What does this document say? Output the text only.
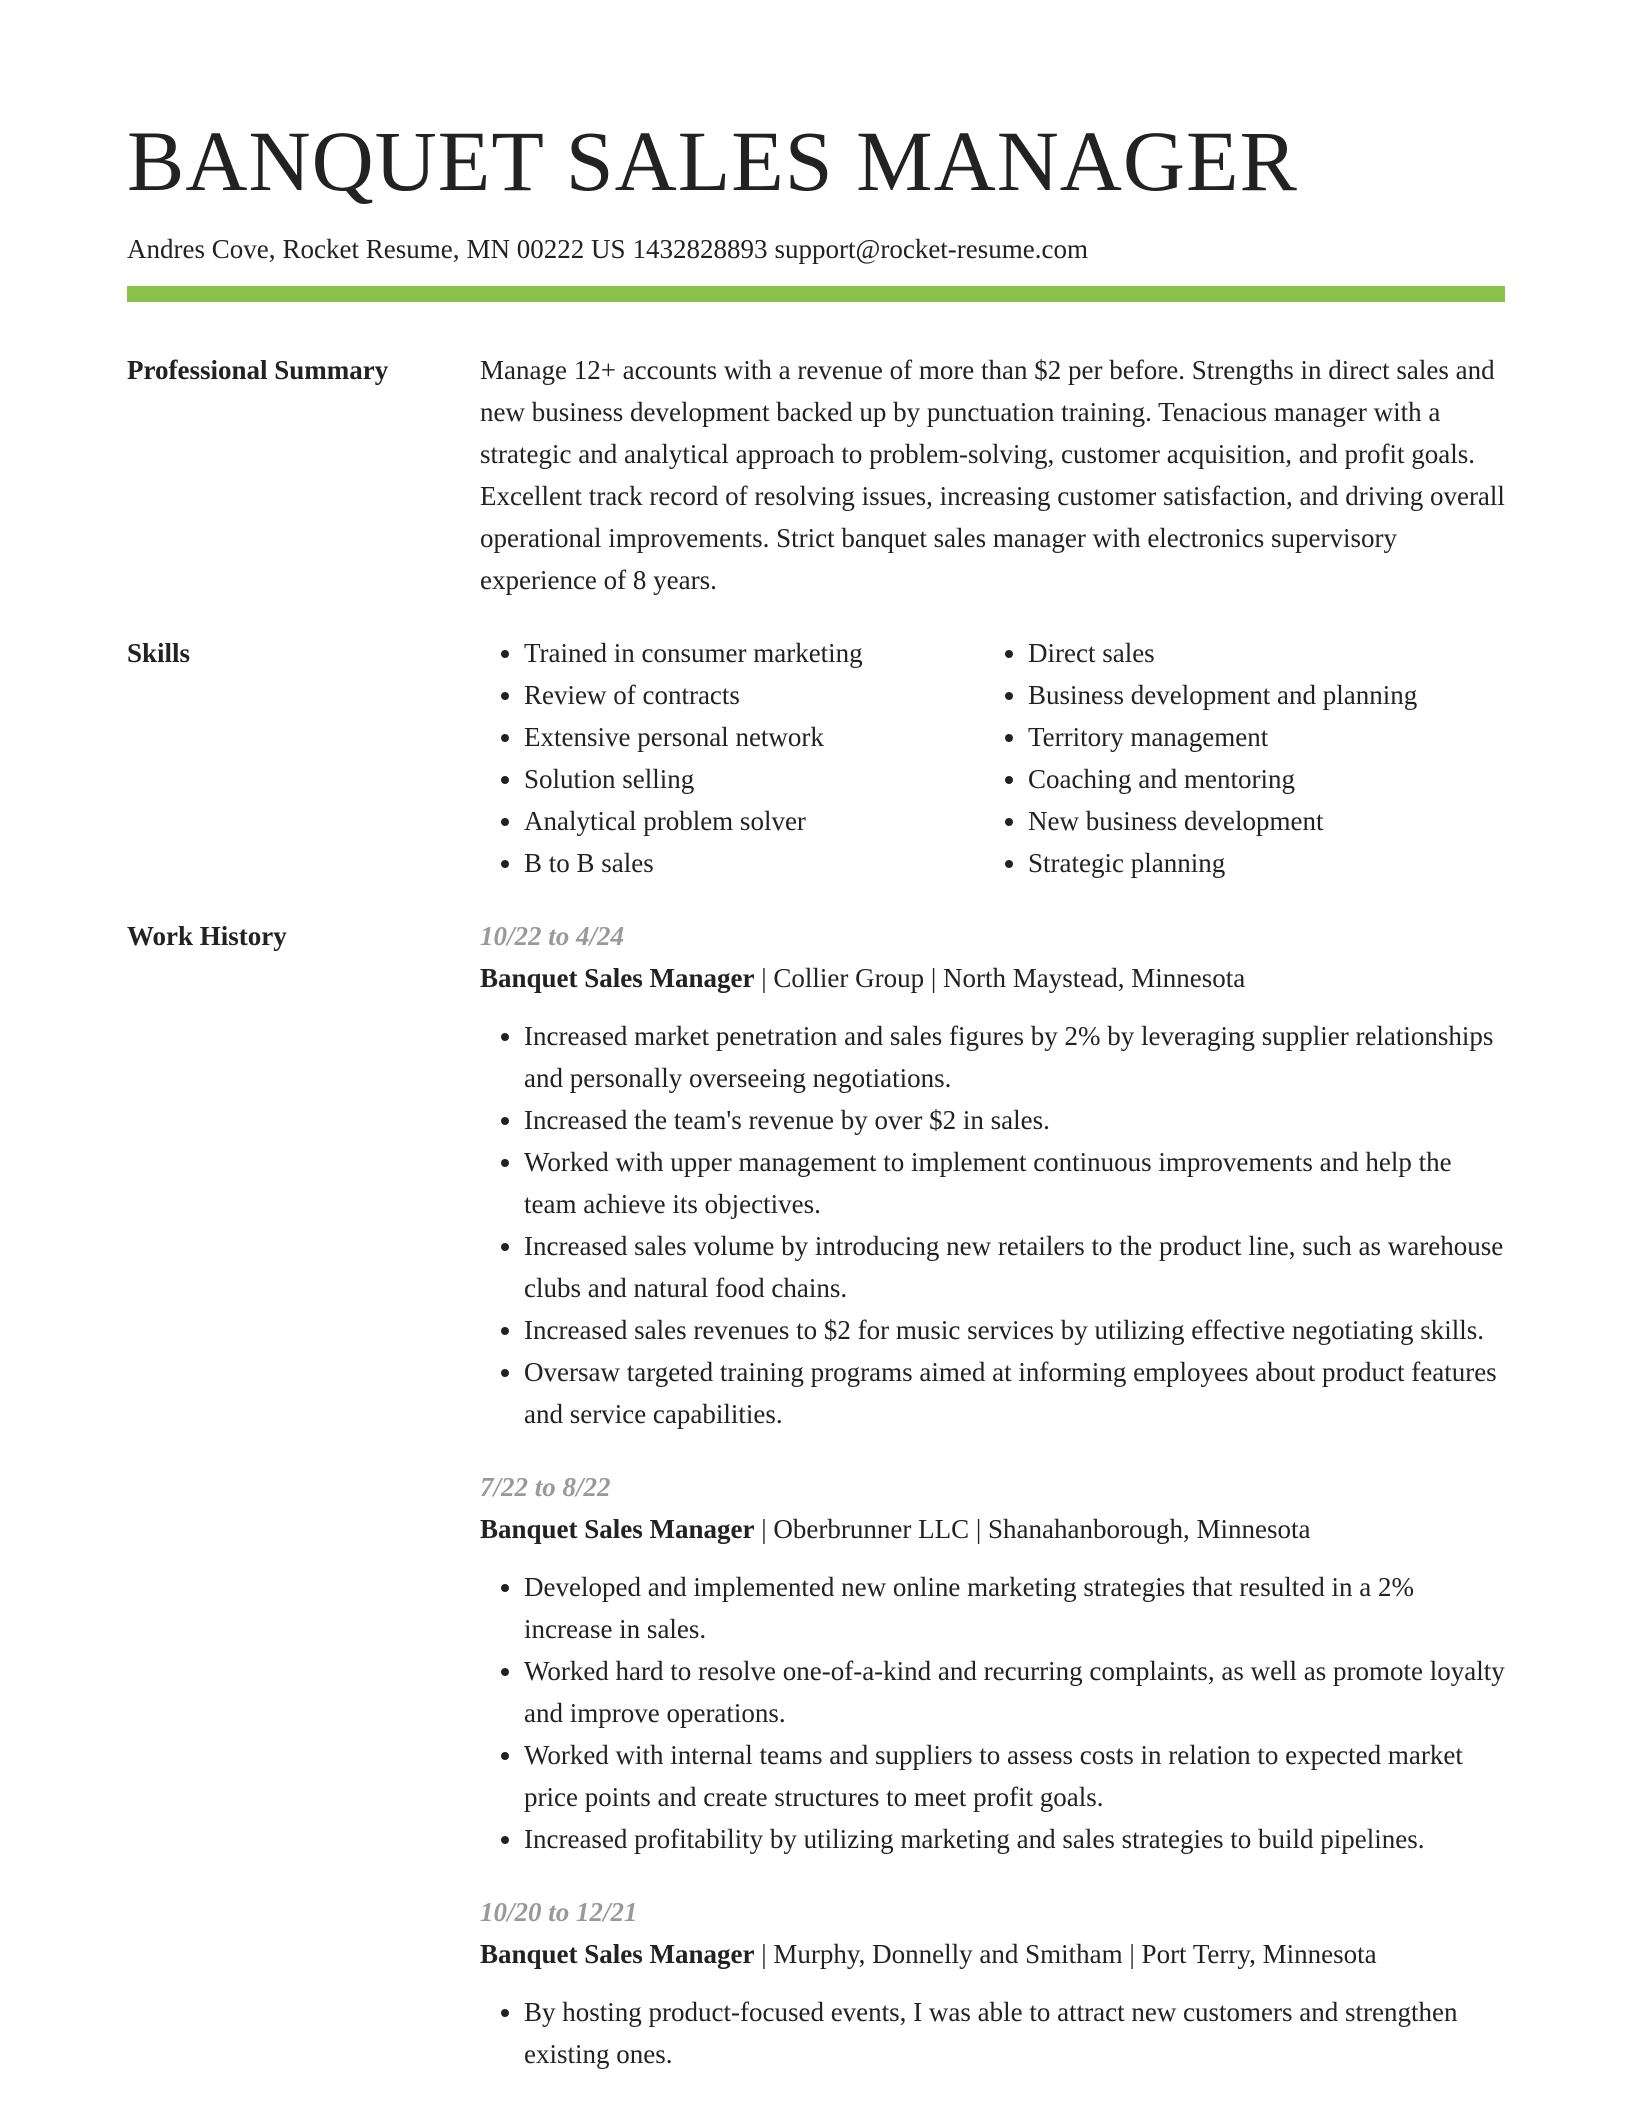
BANQUET SALES MANAGER
Andres Cove, Rocket Resume, MN 00222 US 1432828893 support@rocket-resume.com
Professional Summary	Manage 12+ accounts with a revenue of more than $2 per before. Strengths in direct sales and new business development backed up by punctuation training. Tenacious manager with a strategic and analytical approach to problem-solving, customer acquisition, and profit goals. Excellent track record of resolving issues, increasing customer satisfaction, and driving overall operational improvements. Strict banquet sales manager with electronics supervisory experience of 8 years.

Skills
•	Trained in consumer marketing
• Review of contracts
• Extensive personal network
• Solution selling
• Analytical problem solver
• B to B sales
• Direct sales
• Business development and planning
• Territory management
• Coaching and mentoring
• New business development
• Strategic planning
Work History	10/22 to 4/24
Banquet Sales Manager | Collier Group | North Maystead, Minnesota
• Increased market penetration and sales figures by 2% by leveraging supplier relationships and personally overseeing negotiations.
• Increased the team's revenue by over $2 in sales.
• Worked with upper management to implement continuous improvements and help the team achieve its objectives.
• Increased sales volume by introducing new retailers to the product line, such as warehouse clubs and natural food chains.
• Increased sales revenues to $2 for music services by utilizing effective negotiating skills.
• Oversaw targeted training programs aimed at informing employees about product features and service capabilities.
7/22 to 8/22
Banquet Sales Manager | Oberbrunner LLC | Shanahanborough, Minnesota
• Developed and implemented new online marketing strategies that resulted in a 2% increase in sales.
• Worked hard to resolve one-of-a-kind and recurring complaints, as well as promote loyalty and improve operations.
• Worked with internal teams and suppliers to assess costs in relation to expected market price points and create structures to meet profit goals.
• Increased profitability by utilizing marketing and sales strategies to build pipelines.
10/20 to 12/21
Banquet Sales Manager | Murphy, Donnelly and Smitham | Port Terry, Minnesota
• By hosting product-focused events, I was able to attract new customers and strengthen existing ones.
